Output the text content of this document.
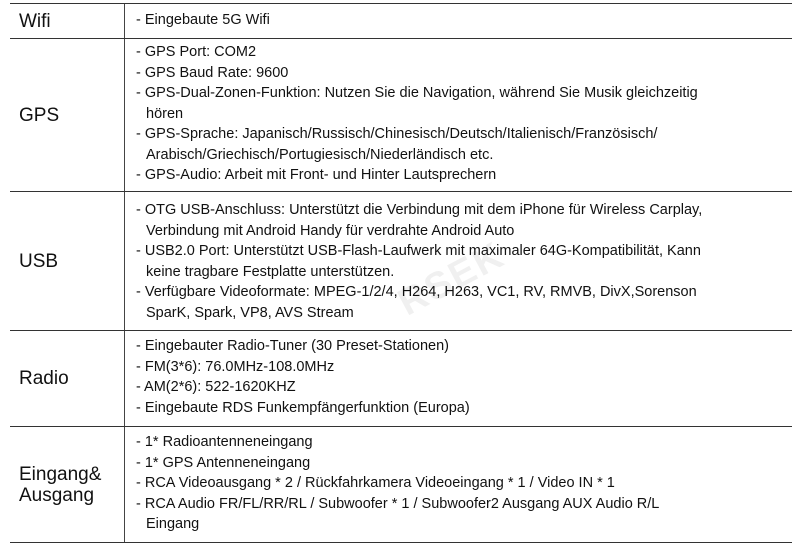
Wifi	- Eingebaute 5G Wifi
GPS
- GPS Port: COM2
- GPS Baud Rate: 9600
- GPS-Dual-Zonen-Funktion: Nutzen Sie die Navigation, während Sie Musik gleichzeitig
hören
- GPS-Sprache: Japanisch/Russisch/Chinesisch/Deutsch/Italienisch/Französisch/
Arabisch/Griechisch/Portugiesisch/Niederländisch etc.
- GPS-Audio: Arbeit mit Front- und Hinter Lautsprechern
USB
- OTG USB-Anschluss: Unterstützt die Verbindung mit dem iPhone für Wireless Carplay,
Verbindung mit Android Handy für verdrahte Android Auto
- USB2.0 Port: Unterstützt USB-Flash-Laufwerk mit maximaler 64G-Kompatibilität, Kann
keine tragbare Festplatte unterstützen.
- Verfügbare Videoformate: MPEG-1/2/4, H264, H263, VC1, RV, RMVB, DivX,Sorenson
SparK, Spark, VP8, AVS Stream
Radio
- Eingebauter Radio-Tuner (30 Preset-Stationen)
- FM(3*6): 76.0MHz-108.0MHz
- AM(2*6): 522-1620KHZ
- Eingebaute RDS Funkempfängerfunktion (Europa)
Eingang&
Ausgang
- 1* Radioantenneneingang
- 1* GPS Antenneneingang
- RCA Videoausgang * 2 / Rückfahrkamera Videoeingang * 1 / Video IN * 1
- RCA Audio FR/FL/RR/RL / Subwoofer * 1 / Subwoofer2 Ausgang AUX Audio R/L
Eingang
RSEK
